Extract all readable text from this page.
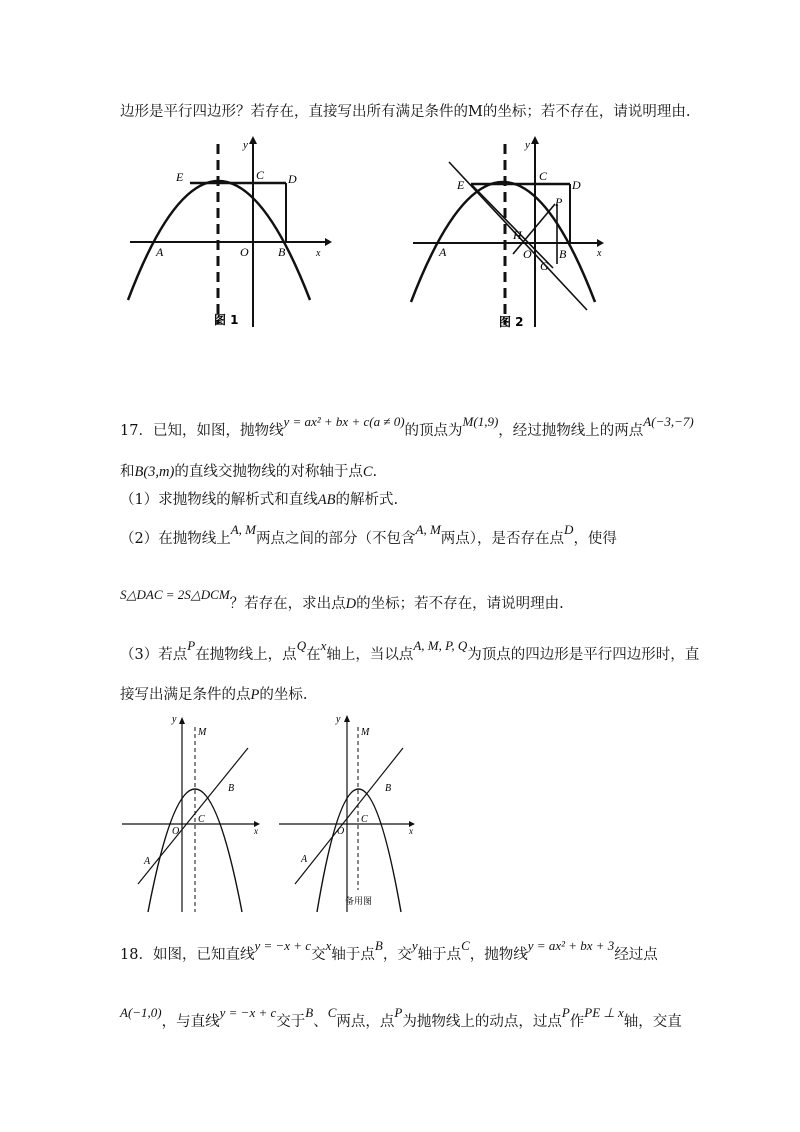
边形是平行四边形？若存在，直接写出所有满足条件的M的坐标；若不存在，请说明理由.
E	C D
A	O B
y
x
图 1
E
C
D
P
H
A	O B
G
y
x
图 2
17．已知，如图，抛物线y = ax² + bx + c(a ≠ 0)的顶点为M(1,9)，经过抛物线上的两点A(−3,−7)
和B(3,m)的直线交抛物线的对称轴于点C.
（1）求抛物线的解析式和直线AB的解析式.
（2）在抛物线上A, M两点之间的部分（不包含A, M两点），是否存在点D，使得
S△DAC = 2S△DCM？若存在，求出点D的坐标；若不存在，请说明理由.
（3）若点P在抛物线上，点Q在x轴上，当以点A, M, P, Q为顶点的四边形是平行四边形时，直
接写出满足条件的点P的坐标.
y
M
B
O
C
x
A
y
M
B
O
C
x
A
备用图
18．如图，已知直线y = −x + c交x轴于点B，交y轴于点C，抛物线y = ax² + bx + 3经过点
A(−1,0)，与直线y = −x + c交于B、C两点，点P为抛物线上的动点，过点P作PE ⊥ x轴，交直
